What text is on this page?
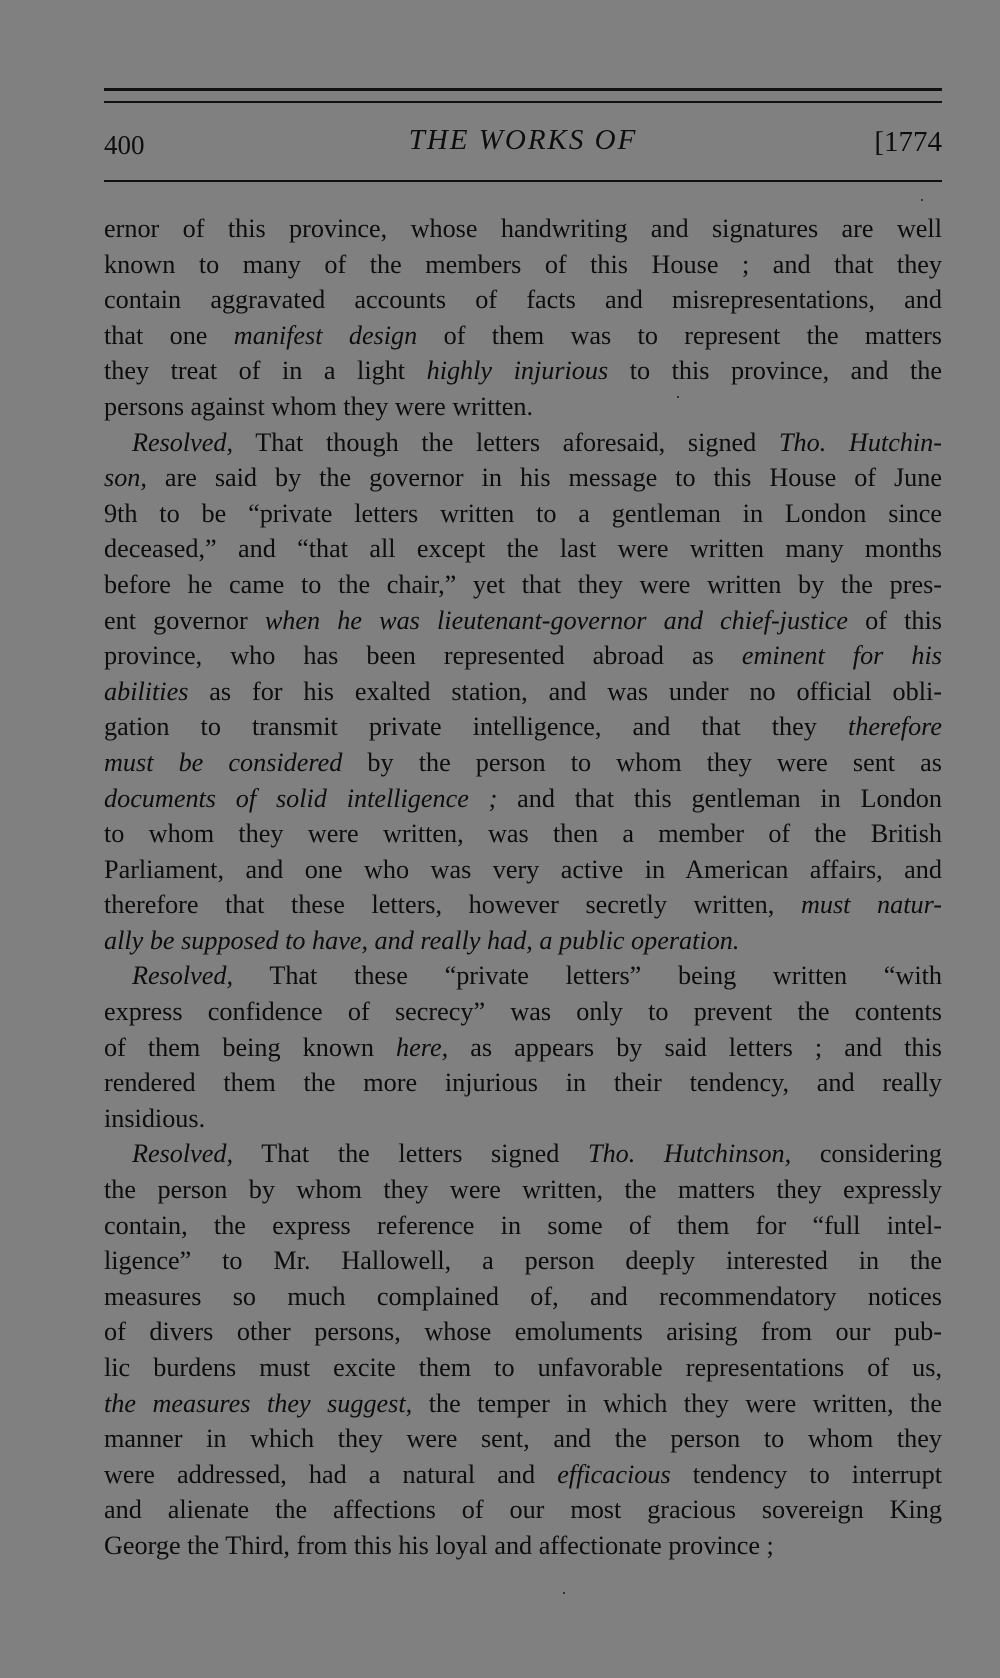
400	THE WORKS OF	[1774
ernor of this province, whose handwriting and signatures are well
known to many of the members of this House ; and that they
contain aggravated accounts of facts and misrepresentations, and
that one manifest design of them was to represent the matters
they treat of in a light highly injurious to this province, and the
persons against whom they were written.
Resolved, That though the letters aforesaid, signed Tho. Hutchin-
son, are said by the governor in his message to this House of June
9th to be “private letters written to a gentleman in London since
deceased,” and “that all except the last were written many months
before he came to the chair,” yet that they were written by the pres-
ent governor when he was lieutenant-governor and chief-justice of this
province, who has been represented abroad as eminent for his
abilities as for his exalted station, and was under no official obli-
gation to transmit private intelligence, and that they therefore
must be considered by the person to whom they were sent as
documents of solid intelligence ; and that this gentleman in London
to whom they were written, was then a member of the British
Parliament, and one who was very active in American affairs, and
therefore that these letters, however secretly written, must natur-
ally be supposed to have, and really had, a public operation.
Resolved, That these “private letters” being written “with
express confidence of secrecy” was only to prevent the contents
of them being known here, as appears by said letters ; and this
rendered them the more injurious in their tendency, and really
insidious.
Resolved, That the letters signed Tho. Hutchinson, considering
the person by whom they were written, the matters they expressly
contain, the express reference in some of them for “full intel-
ligence” to Mr. Hallowell, a person deeply interested in the
measures so much complained of, and recommendatory notices
of divers other persons, whose emoluments arising from our pub-
lic burdens must excite them to unfavorable representations of us,
the measures they suggest, the temper in which they were written, the
manner in which they were sent, and the person to whom they
were addressed, had a natural and efficacious tendency to interrupt
and alienate the affections of our most gracious sovereign King
George the Third, from this his loyal and affectionate province ;
